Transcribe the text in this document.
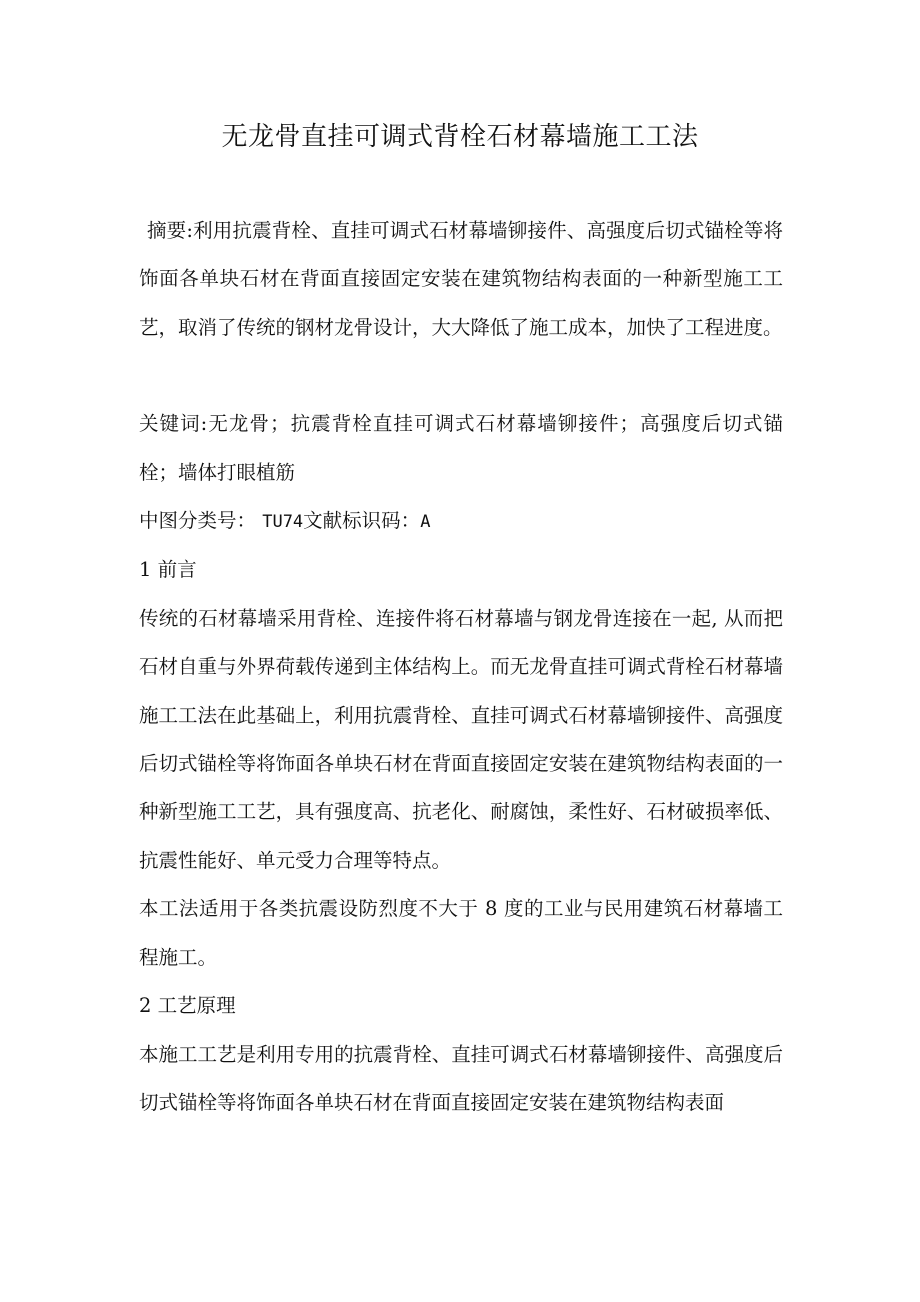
无龙骨直挂可调式背栓石材幕墙施工工法

摘要:利用抗震背栓、直挂可调式石材幕墙铆接件、高强度后切式锚栓等将饰面各单块石材在背面直接固定安装在建筑物结构表面的一种新型施工工艺，取消了传统的钢材龙骨设计，大大降低了施工成本，加快了工程进度。

关键词:无龙骨；抗震背栓直挂可调式石材幕墙铆接件；高强度后切式锚栓；墙体打眼植筋

中图分类号： TU74文献标识码：A

1 前言

传统的石材幕墙采用背栓、连接件将石材幕墙与钢龙骨连接在一起, 从而把石材自重与外界荷载传递到主体结构上。而无龙骨直挂可调式背栓石材幕墙施工工法在此基础上，利用抗震背栓、直挂可调式石材幕墙铆接件、高强度后切式锚栓等将饰面各单块石材在背面直接固定安装在建筑物结构表面的一种新型施工工艺，具有强度高、抗老化、耐腐蚀，柔性好、石材破损率低、抗震性能好、单元受力合理等特点。

本工法适用于各类抗震设防烈度不大于 8 度的工业与民用建筑石材幕墙工程施工。

2 工艺原理

本施工工艺是利用专用的抗震背栓、直挂可调式石材幕墙铆接件、高强度后切式锚栓等将饰面各单块石材在背面直接固定安装在建筑物结构表面
